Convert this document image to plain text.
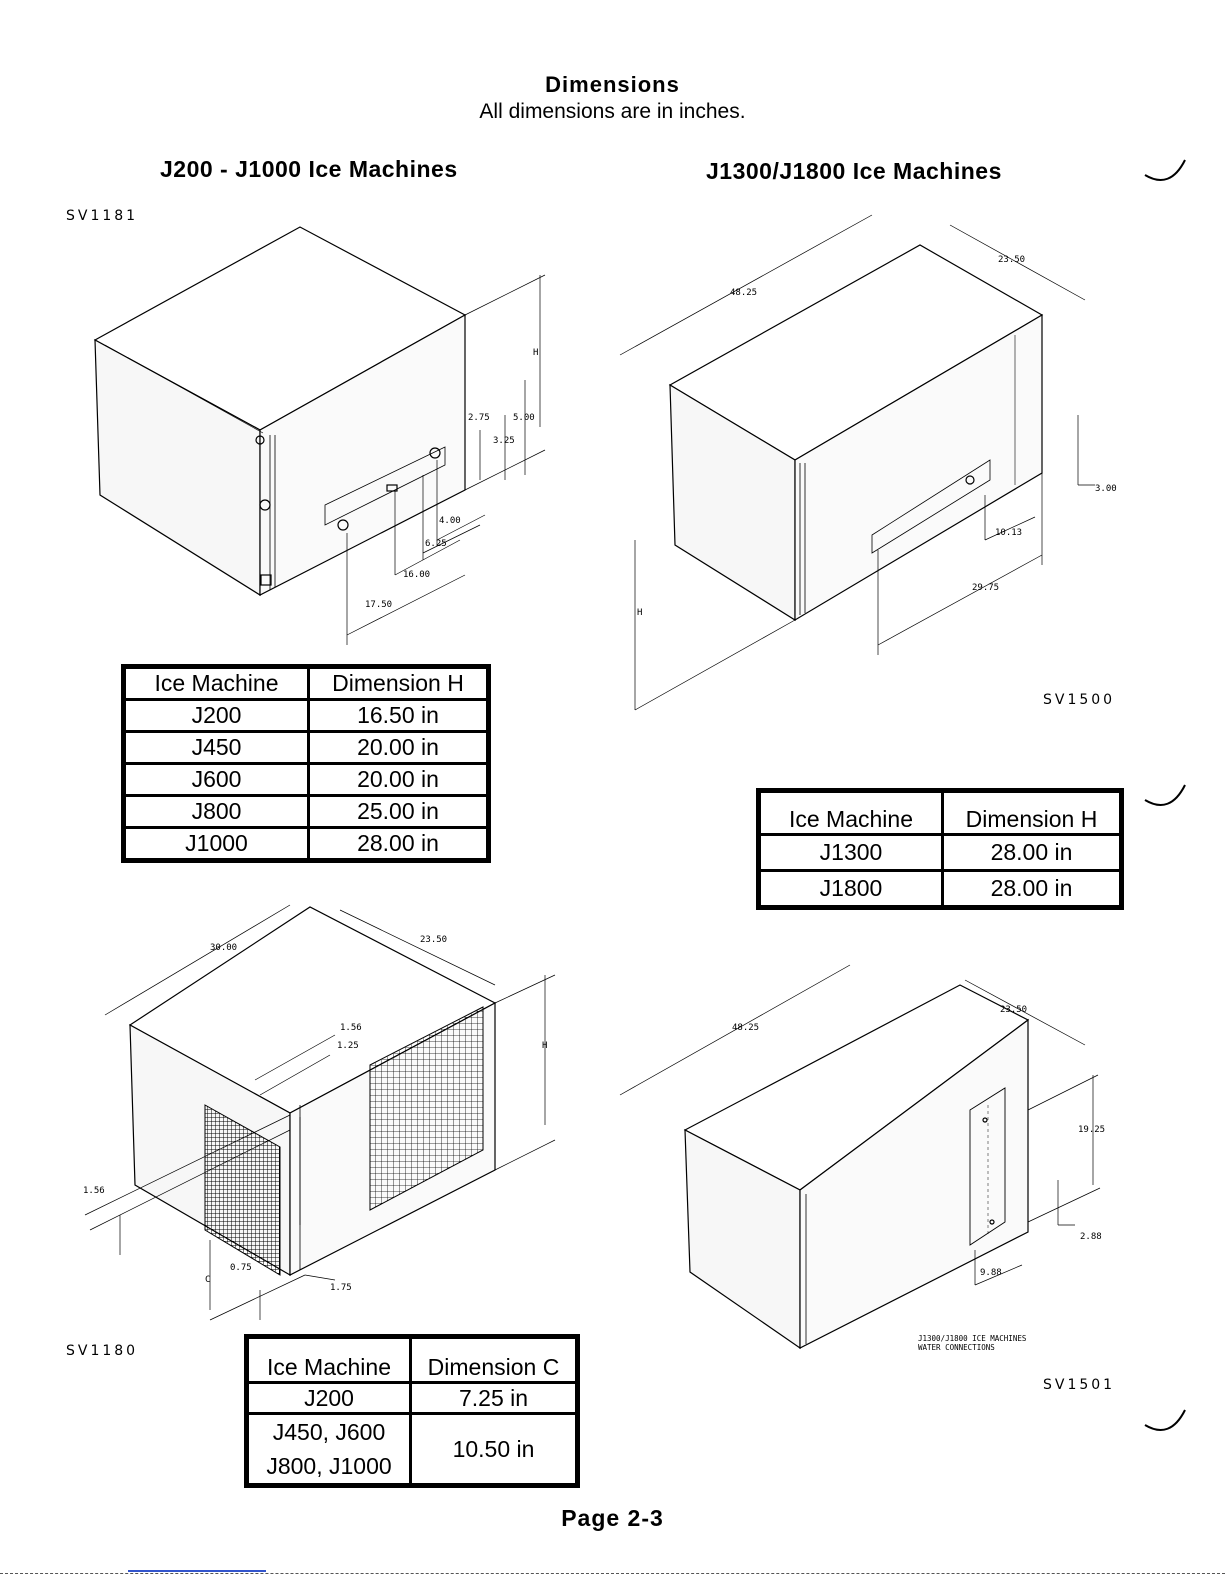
Dimensions
All dimensions are in inches.
J200 - J1000 Ice Machines	J1300/J1800 Ice Machines
SV1181
SV1500
SV1180
SV1501
H
2.75	5.00
3.25
4.00
6.25
16.00
17.50
48.25
23.50
H
3.00
10.13
29.75
Ice Machine	Dimension H
J200	16.50 in
J450	20.00 in
J600	20.00 in
J800	25.00 in
J1000	28.00 in
Ice Machine	Dimension H
J1300	28.00 in
J1800	28.00 in
30.00
23.50
H
1.56
1.25
1.56
0.75
C
1.75
48.25
23.50
19.25
2.88
9.88
J1300/J1800 ICE MACHINES
WATER CONNECTIONS
Ice Machine	Dimension C
J200	7.25 in

J450, J600
J800, J1000	10.50 in
Page 2-3
